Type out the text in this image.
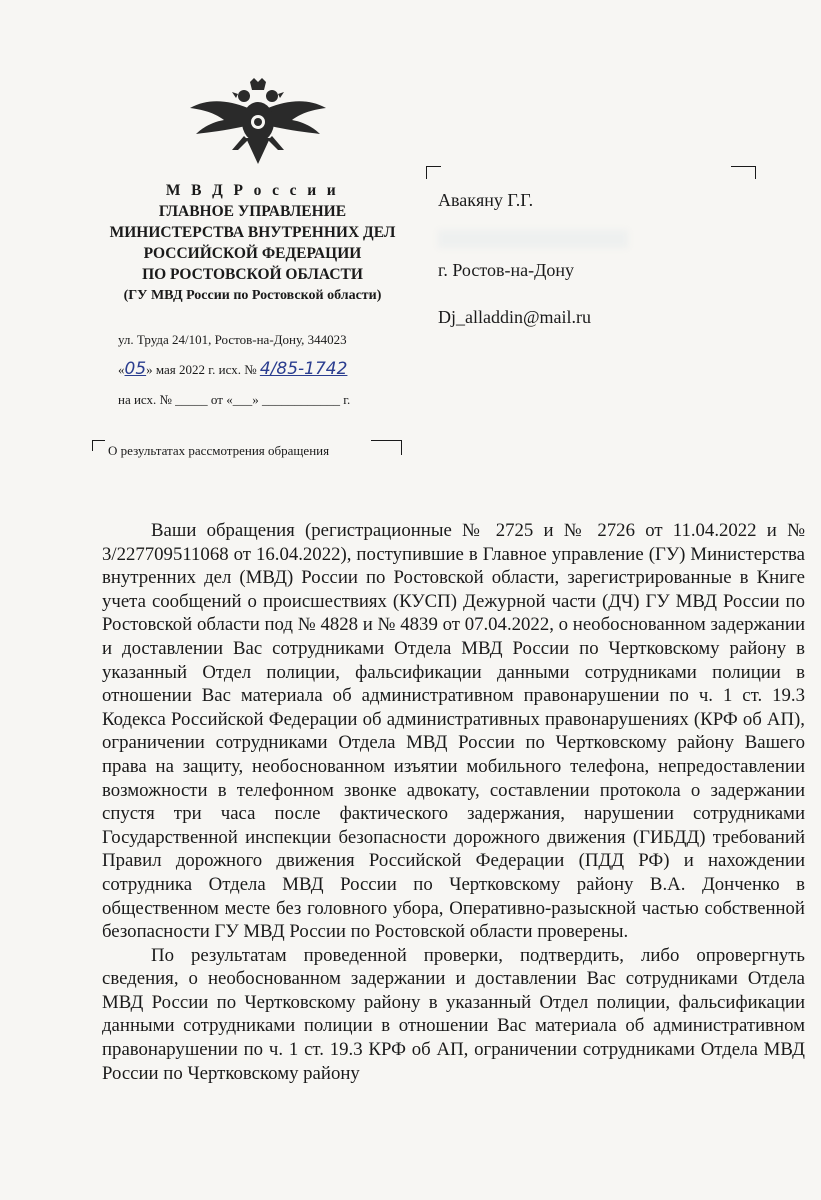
М В Д Р о с с и и
ГЛАВНОЕ УПРАВЛЕНИЕ
МИНИСТЕРСТВА ВНУТРЕННИХ ДЕЛ
РОССИЙСКОЙ ФЕДЕРАЦИИ
ПО РОСТОВСКОЙ ОБЛАСТИ
(ГУ МВД России по Ростовской области)
ул. Труда 24/101, Ростов-на-Дону, 344023
«05» мая 2022 г. исх. № 4/85-1742
на исх. № _____ от «___» ____________ г.
О результатах рассмотрения обращения
Авакяну Г.Г.
г. Ростов-на-Дону
Dj_alladdin@mail.ru

Ваши обращения (регистрационные № 2725 и № 2726 от 11.04.2022 и № 3/227709511068 от 16.04.2022), поступившие в Главное управление (ГУ) Министерства внутренних дел (МВД) России по Ростовской области, зарегистрированные в Книге учета сообщений о происшествиях (КУСП) Дежурной части (ДЧ) ГУ МВД России по Ростовской области под № 4828 и № 4839 от 07.04.2022, о необоснованном задержании и доставлении Вас сотрудниками Отдела МВД России по Чертковскому району в указанный Отдел полиции, фальсификации данными сотрудниками полиции в отношении Вас материала об административном правонарушении по ч. 1 ст. 19.3 Кодекса Российской Федерации об административных правонарушениях (КРФ об АП), ограничении сотрудниками Отдела МВД России по Чертковскому району Вашего права на защиту, необоснованном изъятии мобильного телефона, непредоставлении возможности в телефонном звонке адвокату, составлении протокола о задержании спустя три часа после фактического задержания, нарушении сотрудниками Государственной инспекции безопасности дорожного движения (ГИБДД) требований Правил дорожного движения Российской Федерации (ПДД РФ) и нахождении сотрудника Отдела МВД России по Чертковскому району В.А. Донченко в общественном месте без головного убора, Оперативно-разыскной частью собственной безопасности ГУ МВД России по Ростовской области проверены.

По результатам проведенной проверки, подтвердить, либо опровергнуть сведения, о необоснованном задержании и доставлении Вас сотрудниками Отдела МВД России по Чертковскому району в указанный Отдел полиции, фальсификации данными сотрудниками полиции в отношении Вас материала об административном правонарушении по ч. 1 ст. 19.3 КРФ об АП, ограничении сотрудниками Отдела МВД России по Чертковскому району
